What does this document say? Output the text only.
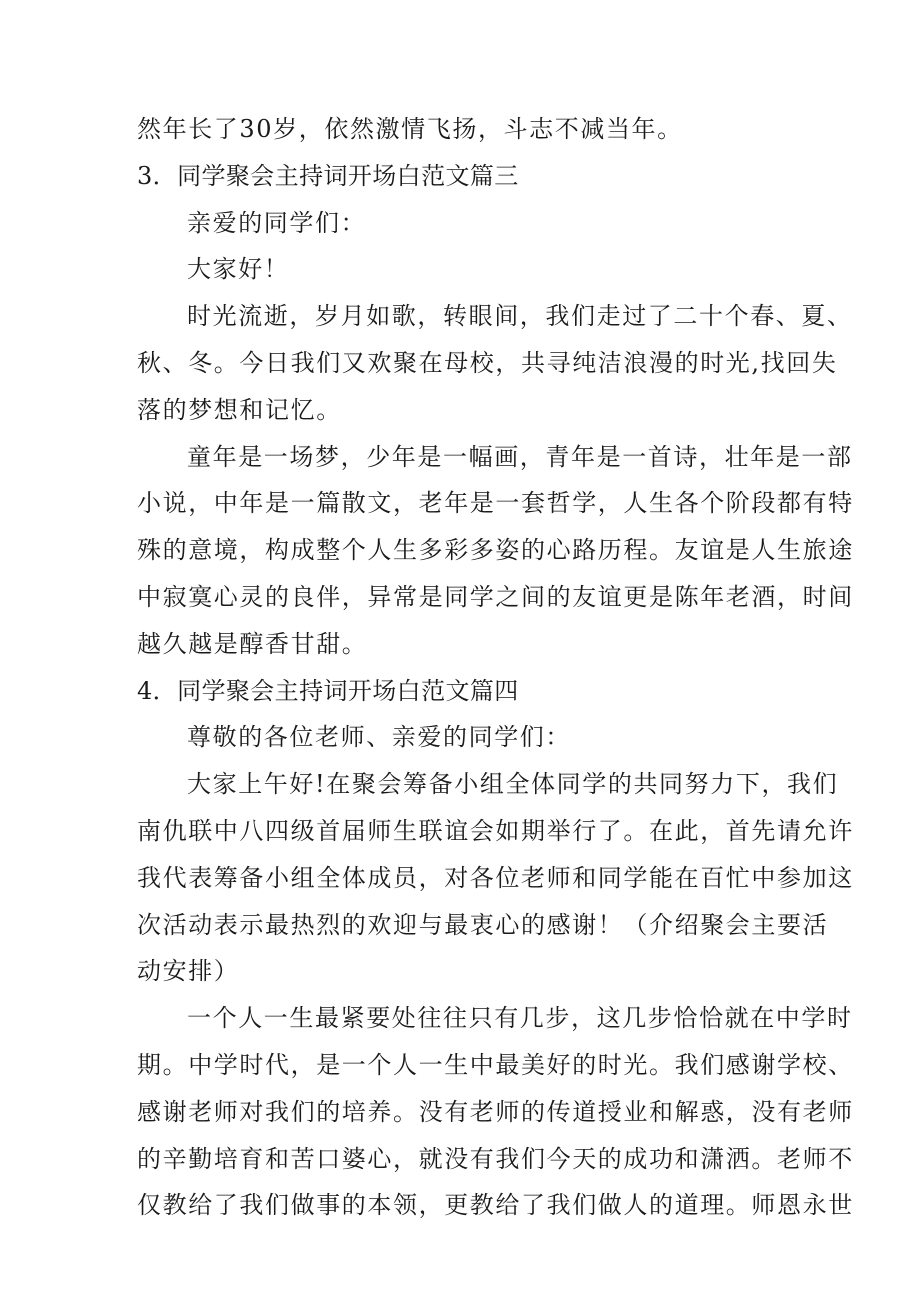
然年长了30岁，依然激情飞扬，斗志不减当年。
3．同学聚会主持词开场白范文篇三
亲爱的同学们：
大家好！
时光流逝，岁月如歌，转眼间，我们走过了二十个春、夏、
秋、冬。今日我们又欢聚在母校，共寻纯洁浪漫的时光,找回失
落的梦想和记忆。
童年是一场梦，少年是一幅画，青年是一首诗，壮年是一部
小说，中年是一篇散文，老年是一套哲学，人生各个阶段都有特
殊的意境，构成整个人生多彩多姿的心路历程。友谊是人生旅途
中寂寞心灵的良伴，异常是同学之间的友谊更是陈年老酒，时间
越久越是醇香甘甜。
4．同学聚会主持词开场白范文篇四
尊敬的各位老师、亲爱的同学们：
大家上午好!在聚会筹备小组全体同学的共同努力下，我们
南仇联中八四级首届师生联谊会如期举行了。在此，首先请允许
我代表筹备小组全体成员，对各位老师和同学能在百忙中参加这
次活动表示最热烈的欢迎与最衷心的感谢！（介绍聚会主要活
动安排）
一个人一生最紧要处往往只有几步，这几步恰恰就在中学时
期。中学时代，是一个人一生中最美好的时光。我们感谢学校、
感谢老师对我们的培养。没有老师的传道授业和解惑，没有老师
的辛勤培育和苦口婆心，就没有我们今天的成功和潇洒。老师不
仅教给了我们做事的本领，更教给了我们做人的道理。师恩永世
